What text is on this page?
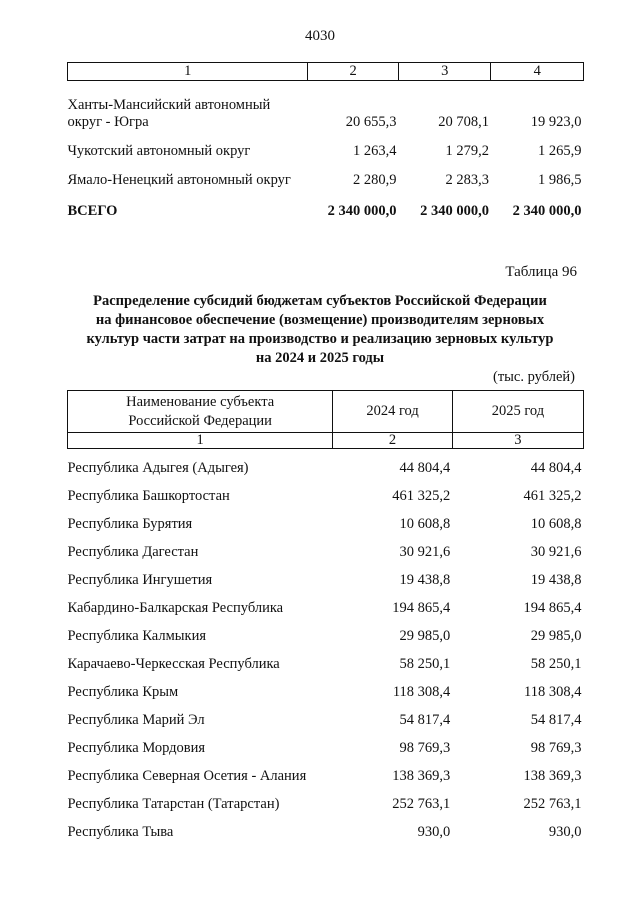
4030
1	2	3	4
Ханты-Мансийский автономный
округ - Югра	20 655,3	20 708,1	19 923,0
Чукотский автономный округ	1 263,4	1 279,2	1 265,9
Ямало-Ненецкий автономный округ	2 280,9	2 283,3	1 986,5
ВСЕГО	2 340 000,0	2 340 000,0	2 340 000,0
Таблица 96
Распределение субсидий бюджетам субъектов Российской Федерации
на финансовое обеспечение (возмещение) производителям зерновых
культур части затрат на производство и реализацию зерновых культур
на 2024 и 2025 годы
(тыс. рублей)
Наименование субъекта
Российской Федерации	2024 год	2025 год
1	2	3
Республика Адыгея (Адыгея)	44 804,4	44 804,4
Республика Башкортостан	461 325,2	461 325,2
Республика Бурятия	10 608,8	10 608,8
Республика Дагестан	30 921,6	30 921,6
Республика Ингушетия	19 438,8	19 438,8
Кабардино-Балкарская Республика	194 865,4	194 865,4
Республика Калмыкия	29 985,0	29 985,0
Карачаево-Черкесская Республика	58 250,1	58 250,1
Республика Крым	118 308,4	118 308,4
Республика Марий Эл	54 817,4	54 817,4
Республика Мордовия	98 769,3	98 769,3
Республика Северная Осетия - Алания	138 369,3	138 369,3
Республика Татарстан (Татарстан)	252 763,1	252 763,1
Республика Тыва	930,0	930,0
